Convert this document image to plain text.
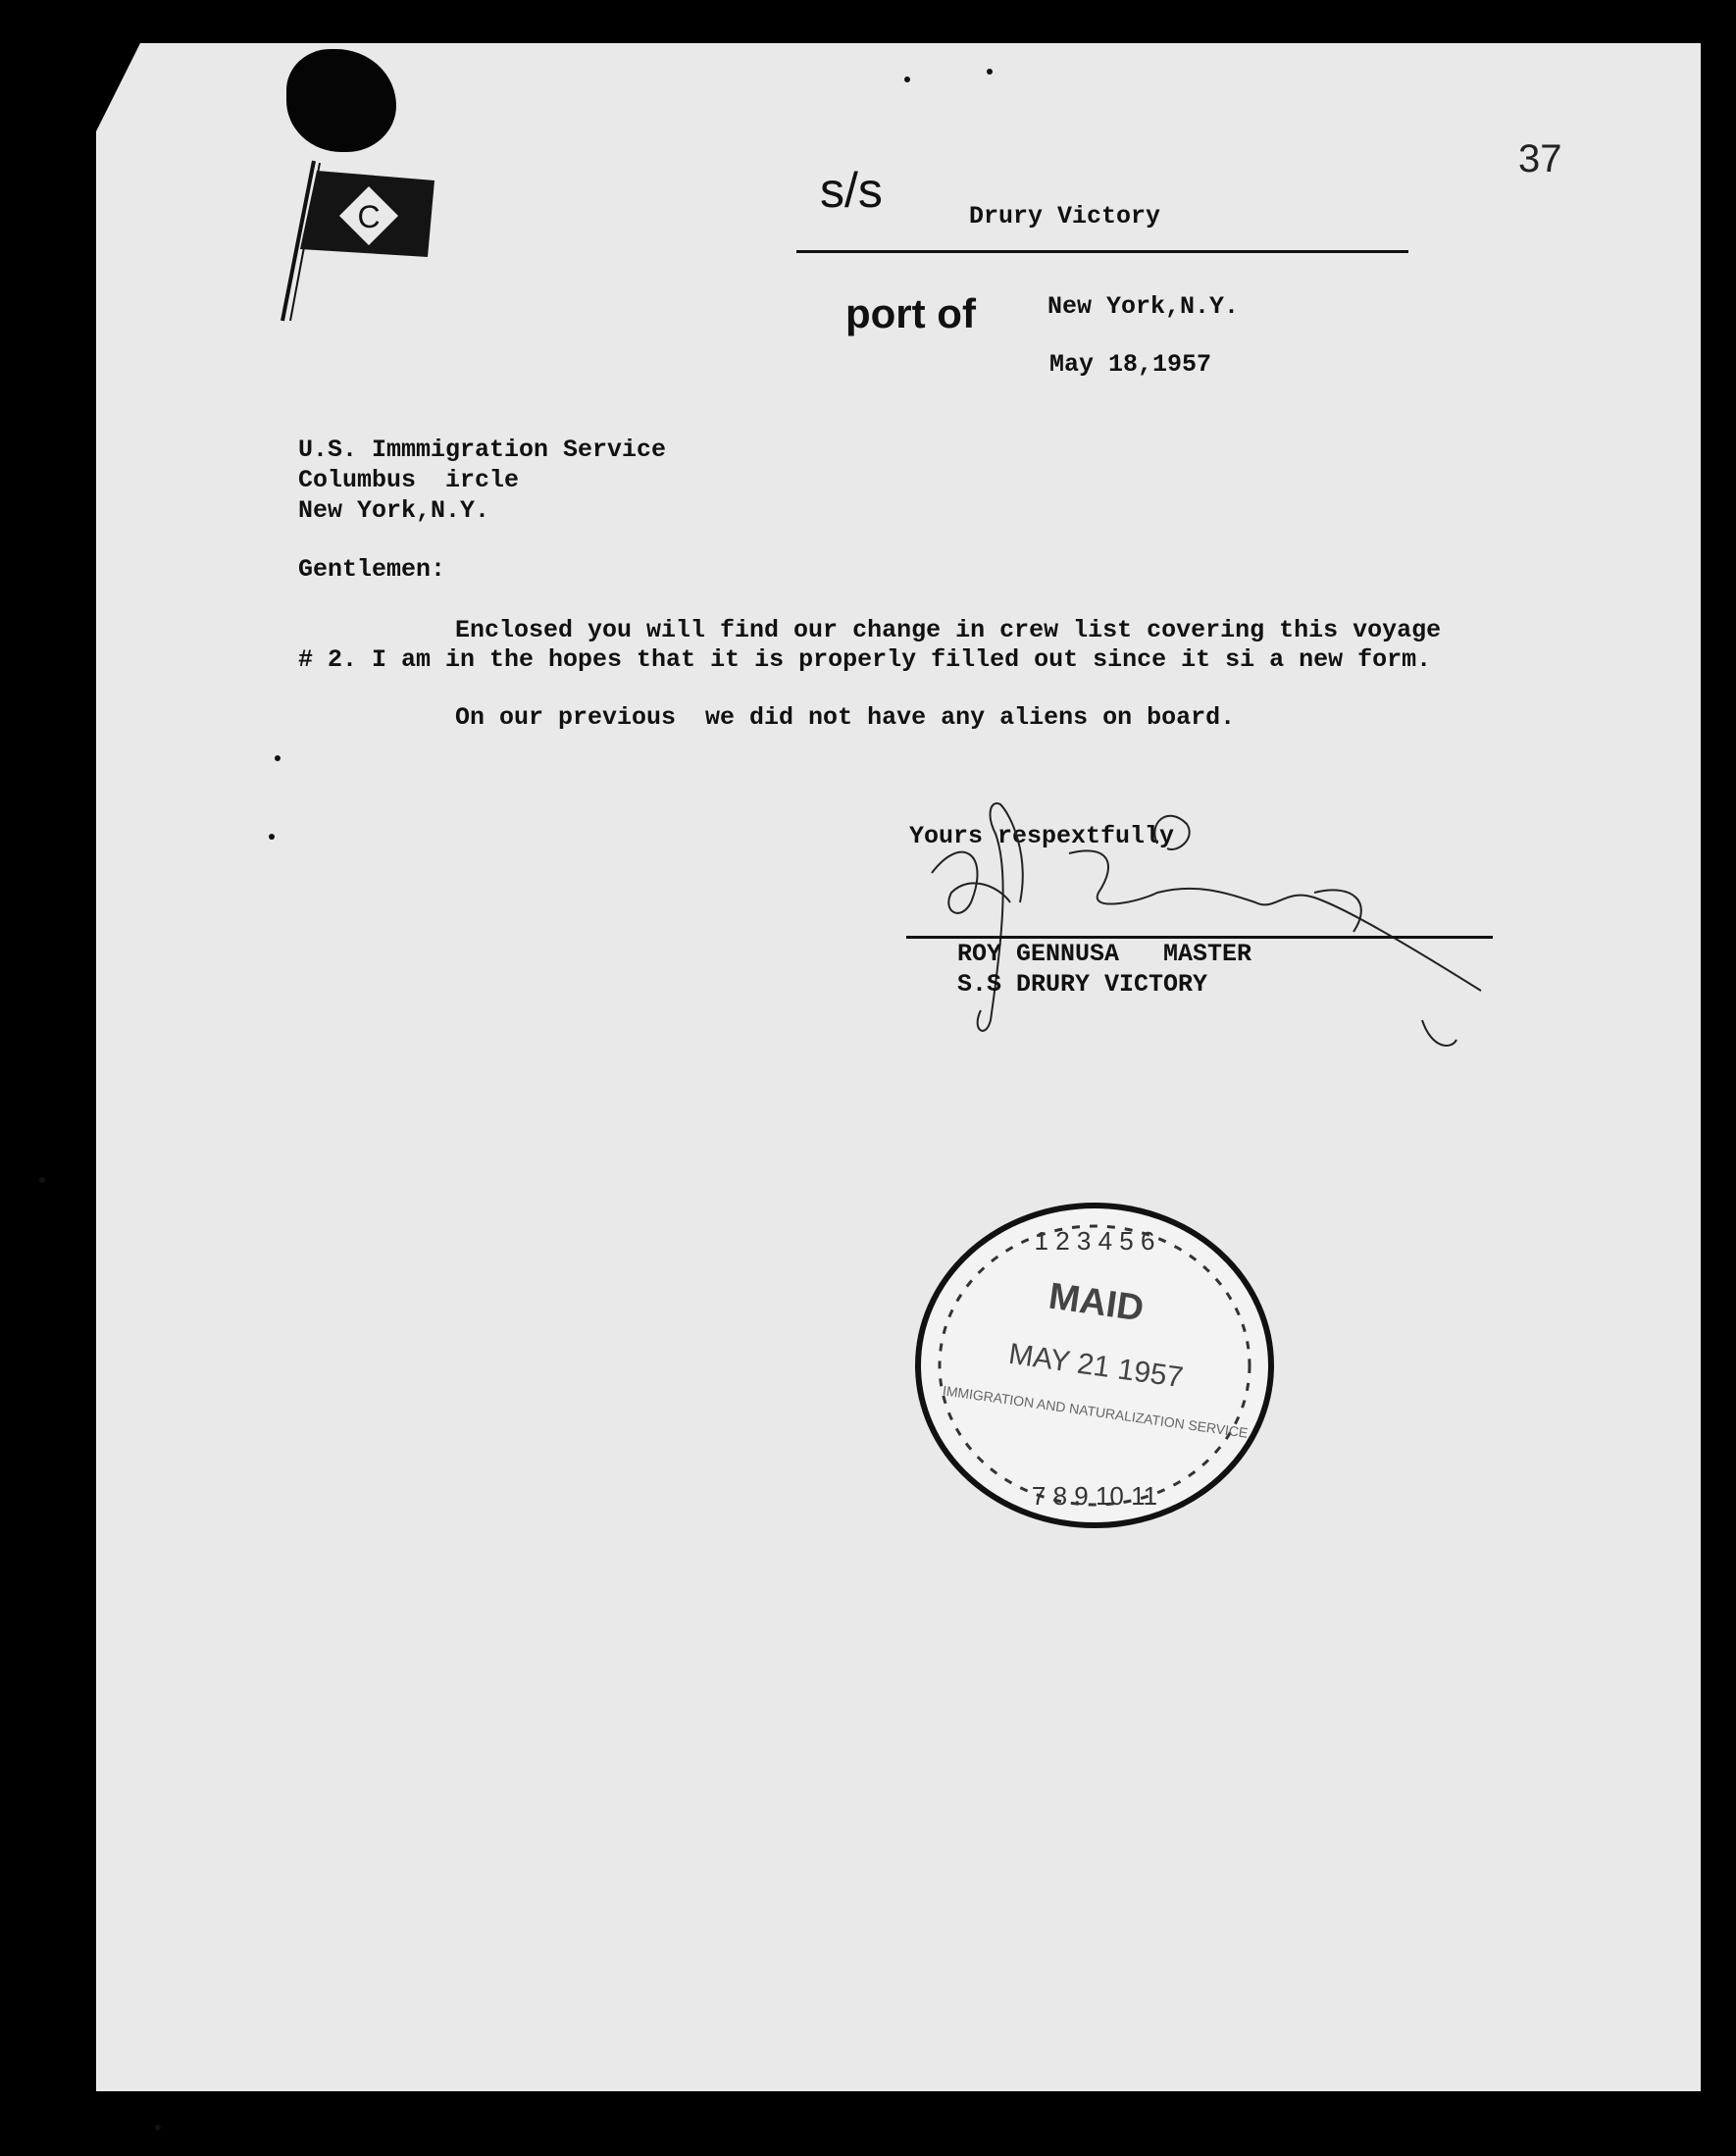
C
37
s/s	Drury Victory
port of	New York,N.Y.
May 18,1957
U.S. Immmigration Service
Columbus  ircle
New York,N.Y.
Gentlemen:
Enclosed you will find our change in crew list covering this voyage
# 2. I am in the hopes that it is properly filled out since it si a new form.
On our previous  we did not have any aliens on board.
Yours respextfully
ROY GENNUSA   MASTER
S.S DRURY VICTORY
1 2 3 4 5 6
7 8 9 10 11
MAID
MAY 21 1957
IMMIGRATION AND NATURALIZATION SERVICE
